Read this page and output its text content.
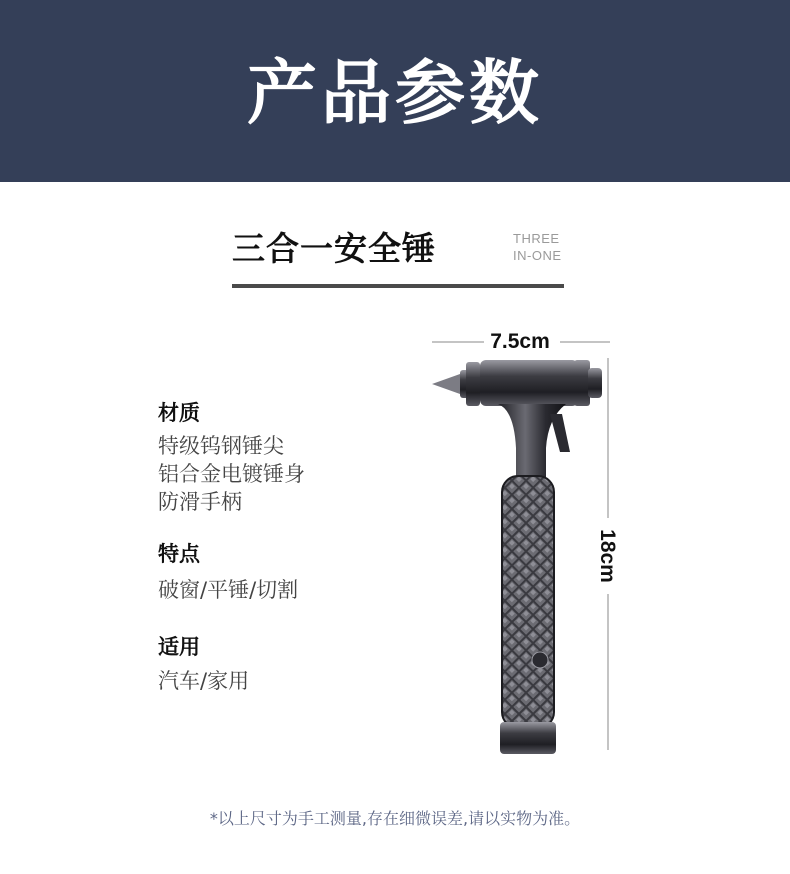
产品参数
三合一安全锤	THREE
IN-ONE
材质
特级钨钢锤尖
铝合金电镀锤身
防滑手柄
特点
破窗/平锤/切割
适用
汽车/家用
7.5cm
18cm
*以上尺寸为手工测量,存在细微误差,请以实物为准。
